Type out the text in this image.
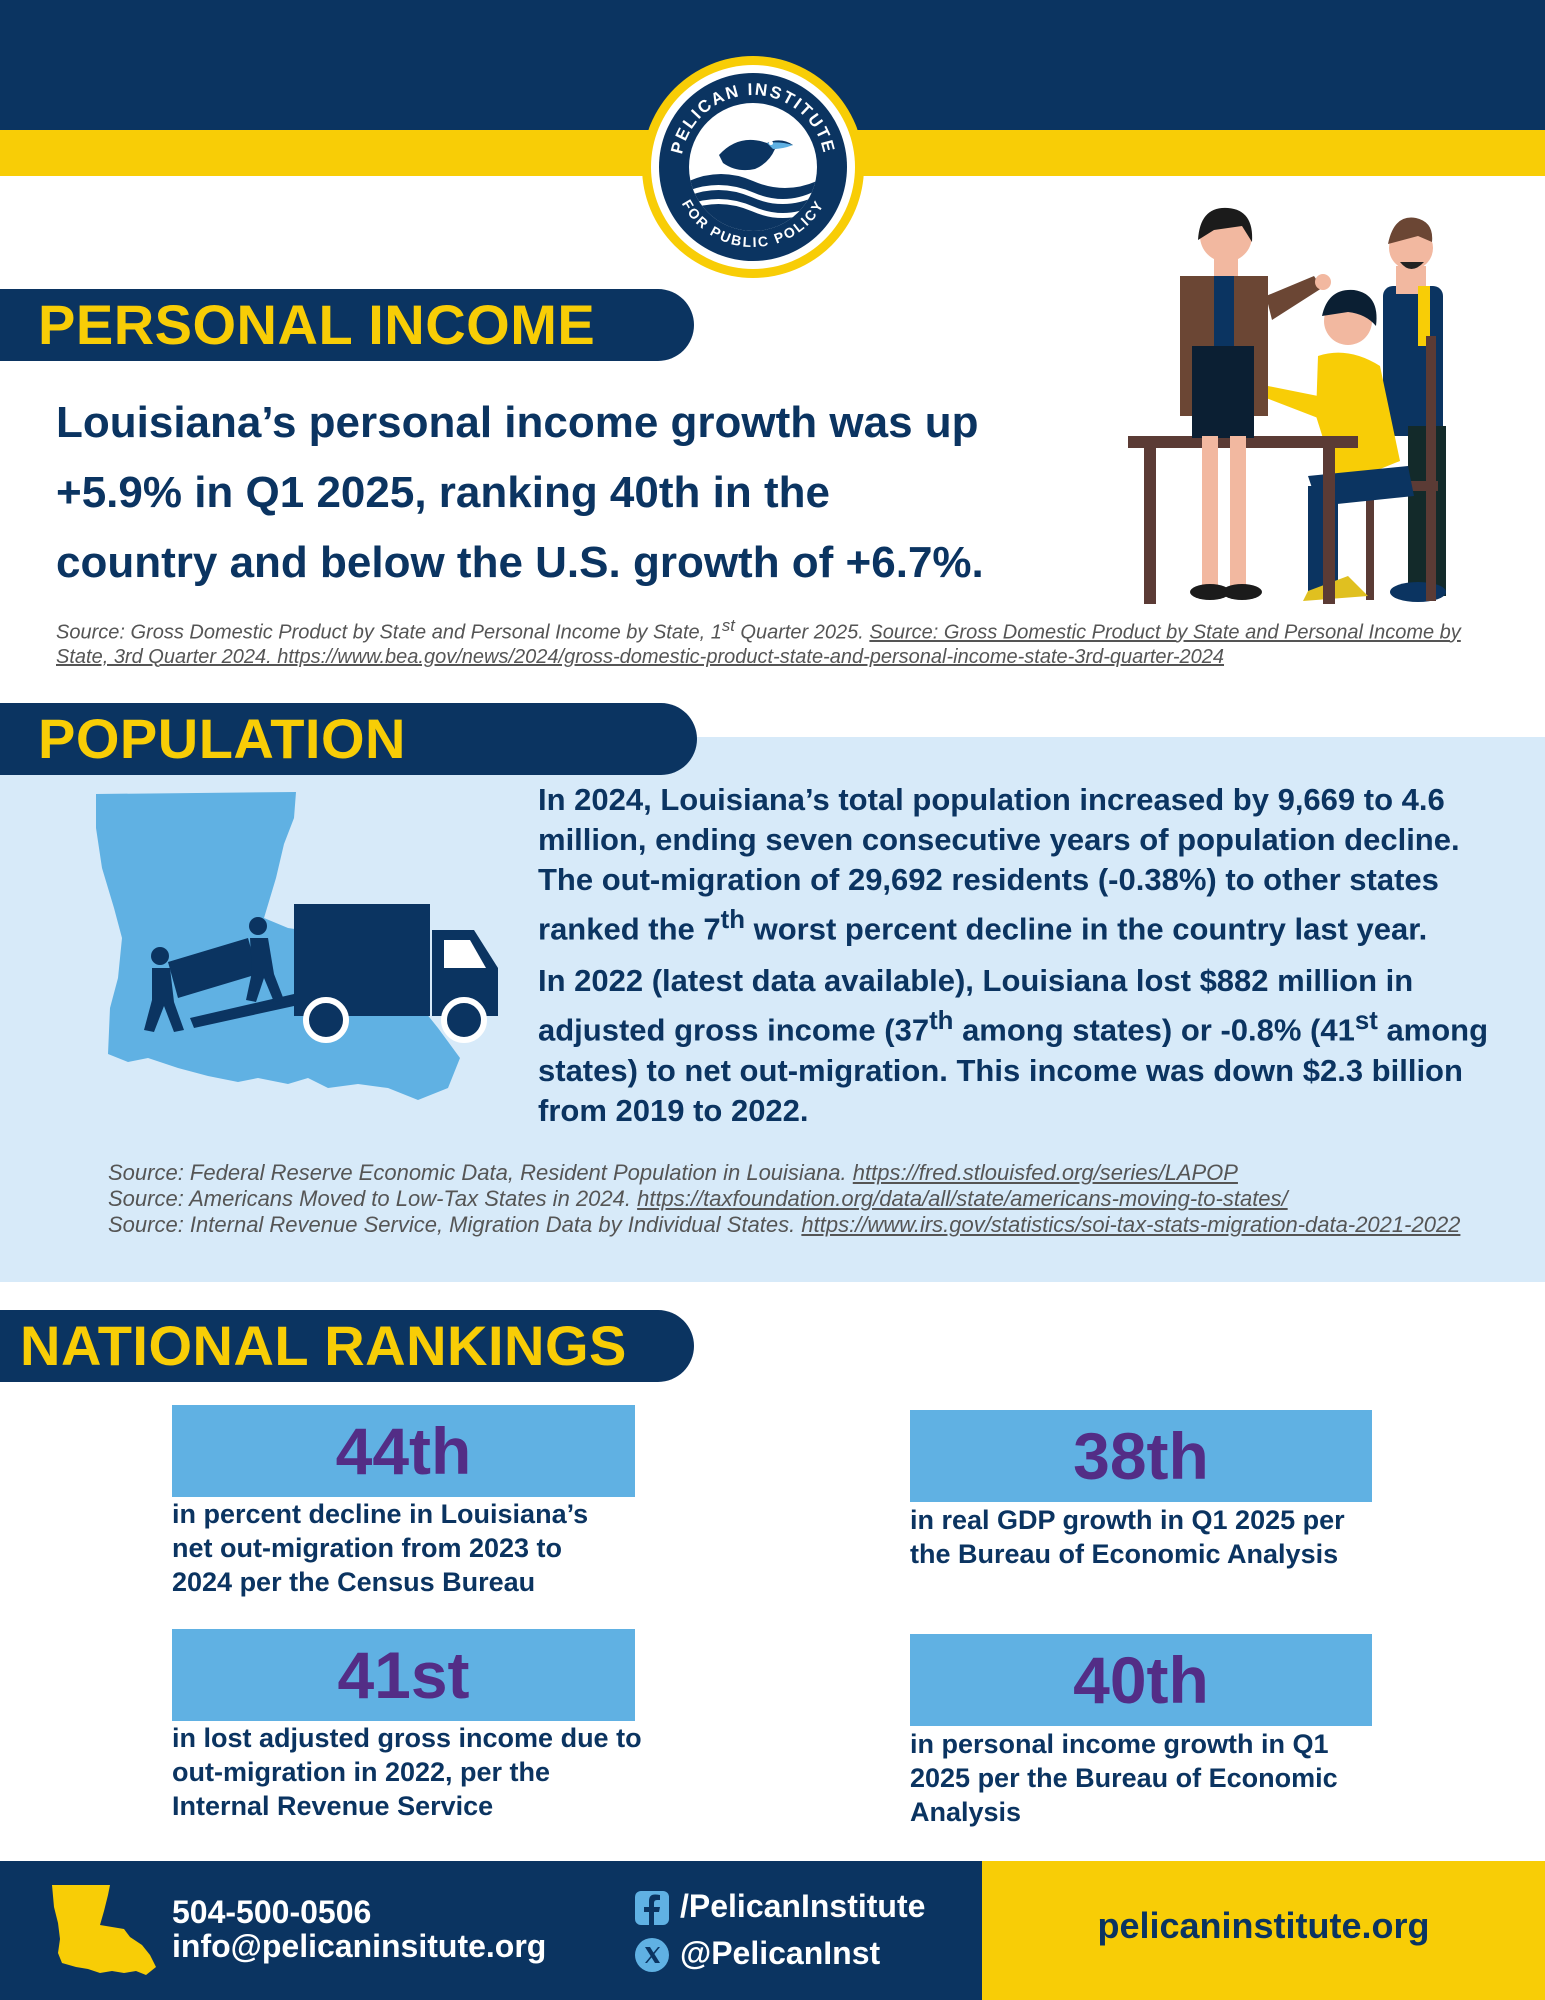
PELICAN INSTITUTE
FOR PUBLIC POLICY
PERSONAL INCOME
Louisiana’s personal income growth was up
+5.9% in Q1 2025, ranking 40th in the
country and below the U.S. growth of +6.7%.
Source: Gross Domestic Product by State and Personal Income by State, 1st Quarter 2025. Source: Gross Domestic Product by State and Personal Income by State, 3rd Quarter 2024. https://www.bea.gov/news/2024/gross-domestic-product-state-and-personal-income-state-3rd-quarter-2024
POPULATION

In 2024, Louisiana’s total population increased by 9,669 to 4.6 million, ending seven consecutive years of population decline. The out-migration of 29,692 residents (-0.38%) to other states ranked the 7th worst percent decline in the country last year.

In 2022 (latest data available), Louisiana lost $882 million in adjusted gross income (37th among states) or -0.8% (41st among states) to net out-migration. This income was down $2.3 billion from 2019 to 2022.

Source: Federal Reserve Economic Data, Resident Population in Louisiana. https://fred.stlouisfed.org/series/LAPOP
Source: Americans Moved to Low-Tax States in 2024. https://taxfoundation.org/data/all/state/americans-moving-to-states/
Source: Internal Revenue Service, Migration Data by Individual States. https://www.irs.gov/statistics/soi-tax-stats-migration-data-2021-2022
NATIONAL RANKINGS
44th
in percent decline in Louisiana’s net out-migration from 2023 to 2024 per the Census Bureau
38th
in real GDP growth in Q1 2025 per the Bureau of Economic Analysis
41st
in lost adjusted gross income due to out-migration in 2022, per the Internal Revenue Service
40th
in personal income growth in Q1 2025 per the Bureau of Economic Analysis
504-500-0506
info@pelicaninsitute.org
/PelicanInstitute
@PelicanInst
pelicaninstitute.org
